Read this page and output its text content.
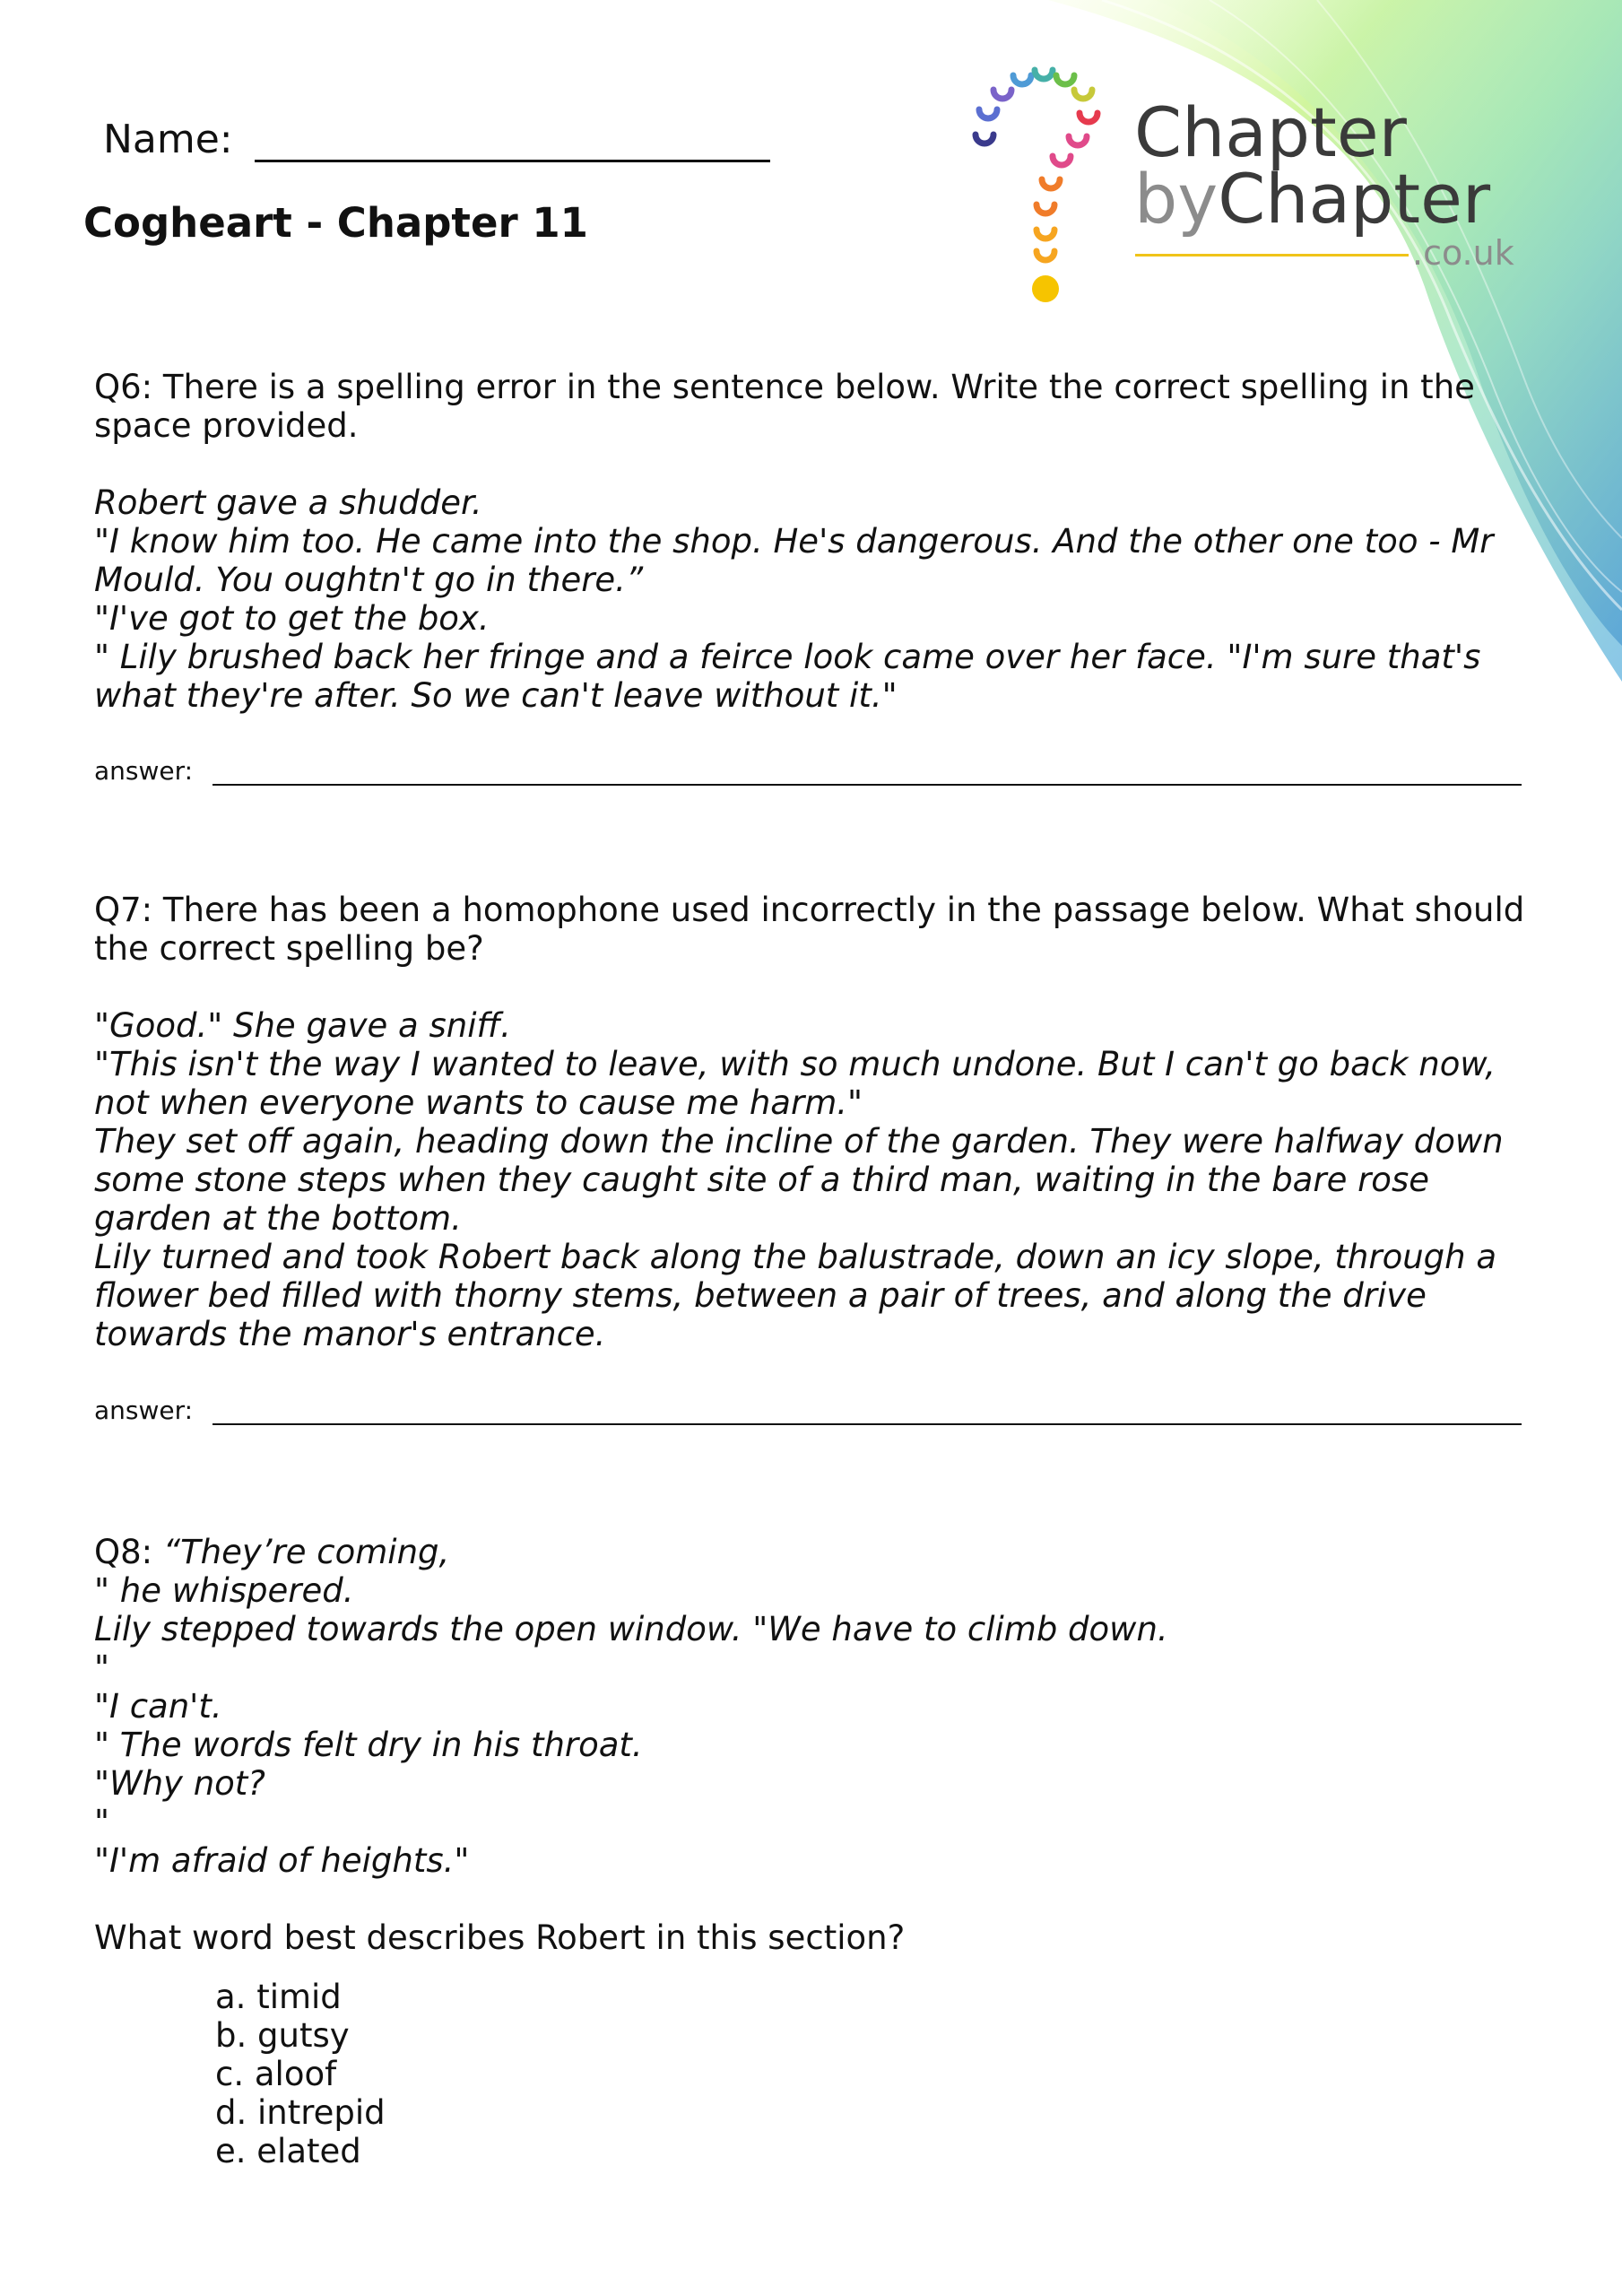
Chapter
byChapter
.co.uk
Name:
Cogheart - Chapter 11

Q6: There is a spelling error in the sentence below. Write the correct spelling in the space provided.

Robert gave a shudder.

"I know him too. He came into the shop. He's dangerous. And the other one too - Mr Mould. You oughtn't go in there.”

"I've got to get the box.

" Lily brushed back her fringe and a feirce look came over her face. "I'm sure that's what they're after. So we can't leave without it."

answer:

Q7: There has been a homophone used incorrectly in the passage below. What should the correct spelling be?

"Good." She gave a sniff.

"This isn't the way I wanted to leave, with so much undone. But I can't go back now, not when everyone wants to cause me harm."

They set off again, heading down the incline of the garden. They were halfway down some stone steps when they caught site of a third man, waiting in the bare rose garden at the bottom.

Lily turned and took Robert back along the balustrade, down an icy slope, through a flower bed filled with thorny stems, between a pair of trees, and along the drive towards the manor's entrance.

answer:

Q8: “They’re coming,

" he whispered.

Lily stepped towards the open window. "We have to climb down.

"

"I can't.

" The words felt dry in his throat.

"Why not?

"

"I'm afraid of heights."

What word best describes Robert in this section?

a. timid
b. gutsy
c. aloof
d. intrepid
e. elated
